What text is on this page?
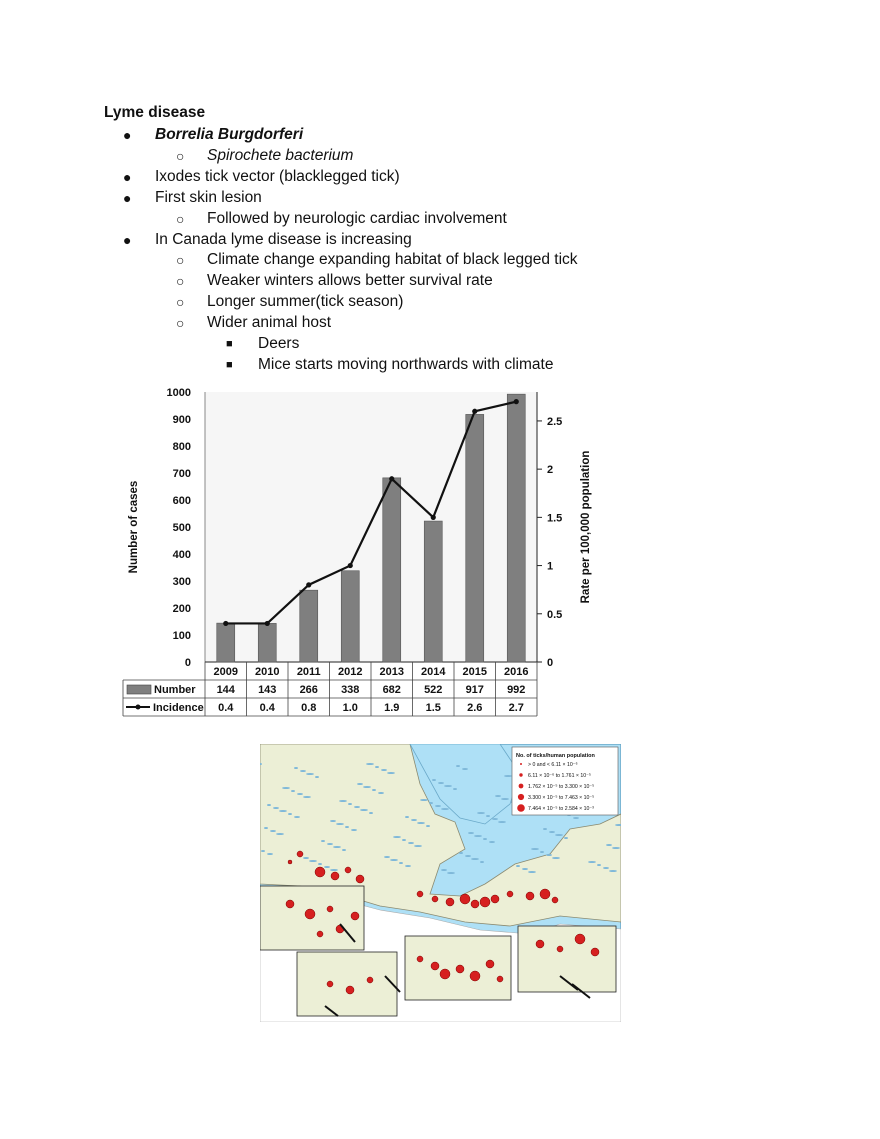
Lyme disease
● Borrelia Burgdorferi
○ Spirochete bacterium
● Ixodes tick vector (blacklegged tick)
● First skin lesion
○ Followed by neurologic cardiac involvement
● In Canada lyme disease is increasing
○ Climate change expanding habitat of black legged tick
○ Weaker winters allows better survival rate
○ Longer summer(tick season)
○ Wider animal host
■ Deers
■ Mice starts moving northwards with climate
0
100
200
300
400
500
600
700
800
900
1000
0
0.5
1
1.5
2
2.5
Number of cases	Rate per 100,000 population
2009
144
0.4
2010
143
0.4
2011
266
0.8
2012
338
1.0
2013
682
1.9
2014
522
1.5
2015
917
2.6
2016
992
2.7
Number
Incidence
No. of ticks/human population
> 0 and < 6.11 × 10⁻⁶
6.11 × 10⁻⁶ to 1.761 × 10⁻⁵
1.762 × 10⁻⁵ to 3.300 × 10⁻⁵
3.300 × 10⁻⁵ to 7.463 × 10⁻⁵
7.464 × 10⁻⁵ to 2.584 × 10⁻³
